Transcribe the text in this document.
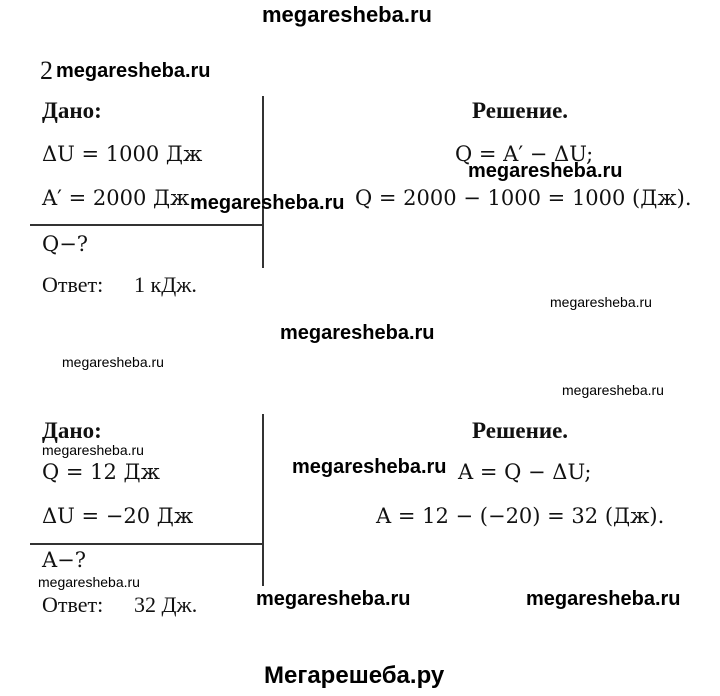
megaresheba.ru
2 megaresheba.ru
Дано:
ΔU = 1000 Дж
A′ = 2000 Дж
Q−?
Решение.
Q = A′ − ΔU;
Q = 2000 − 1000 = 1000 (Дж).
megaresheba.ru
megaresheba.ru
Ответ: 1 кДж.
megaresheba.ru
megaresheba.ru
megaresheba.ru
megaresheba.ru
Дано:
megaresheba.ru
Q = 12 Дж
ΔU = −20 Дж
A−?
Решение.
megaresheba.ru A = Q − ΔU;
A = 12 − (−20) = 32 (Дж).
megaresheba.ru
Ответ: 32 Дж.	megaresheba.ru	megaresheba.ru
Мегарешеба.ру
